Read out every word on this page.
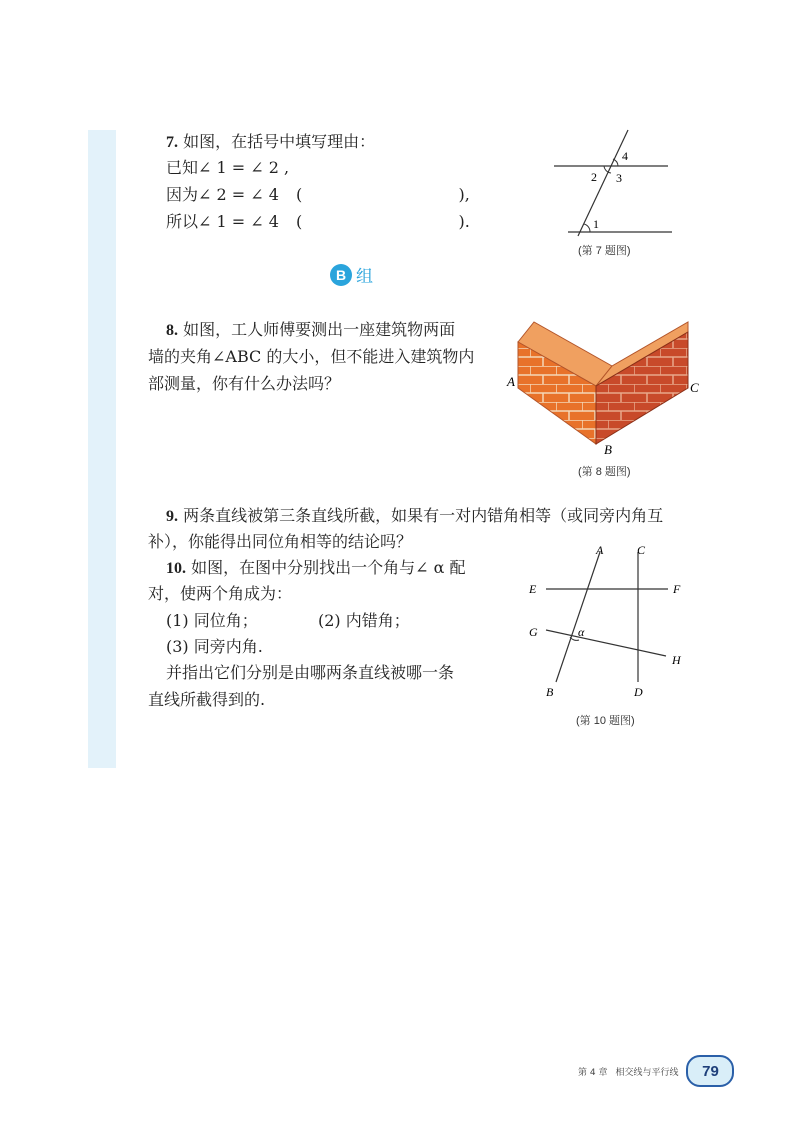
7. 如图，在括号中填写理由：
已知∠ 1 = ∠ 2 ,
因为∠ 2 = ∠ 4 (	),
所以∠ 1 = ∠ 4 (	).
4
2 3
1
(第 7 题图)
B 组
8. 如图，工人师傅要测出一座建筑物两面
墙的夹角∠ABC 的大小，但不能进入建筑物内
部测量，你有什么办法吗？	A
B
C
(第 8 题图)
9. 两条直线被第三条直线所截，如果有一对内错角相等（或同旁内角互
补），你能得出同位角相等的结论吗？
10. 如图，在图中分别找出一个角与∠ α 配
对，使两个角成为：
(1) 同位角；	(2) 内错角；
(3) 同旁内角.
并指出它们分别是由哪两条直线被哪一条
直线所截得到的.
A	C
E	F
G	α
H
B	D
(第 10 题图)
第 4 章 相交线与平行线	79
